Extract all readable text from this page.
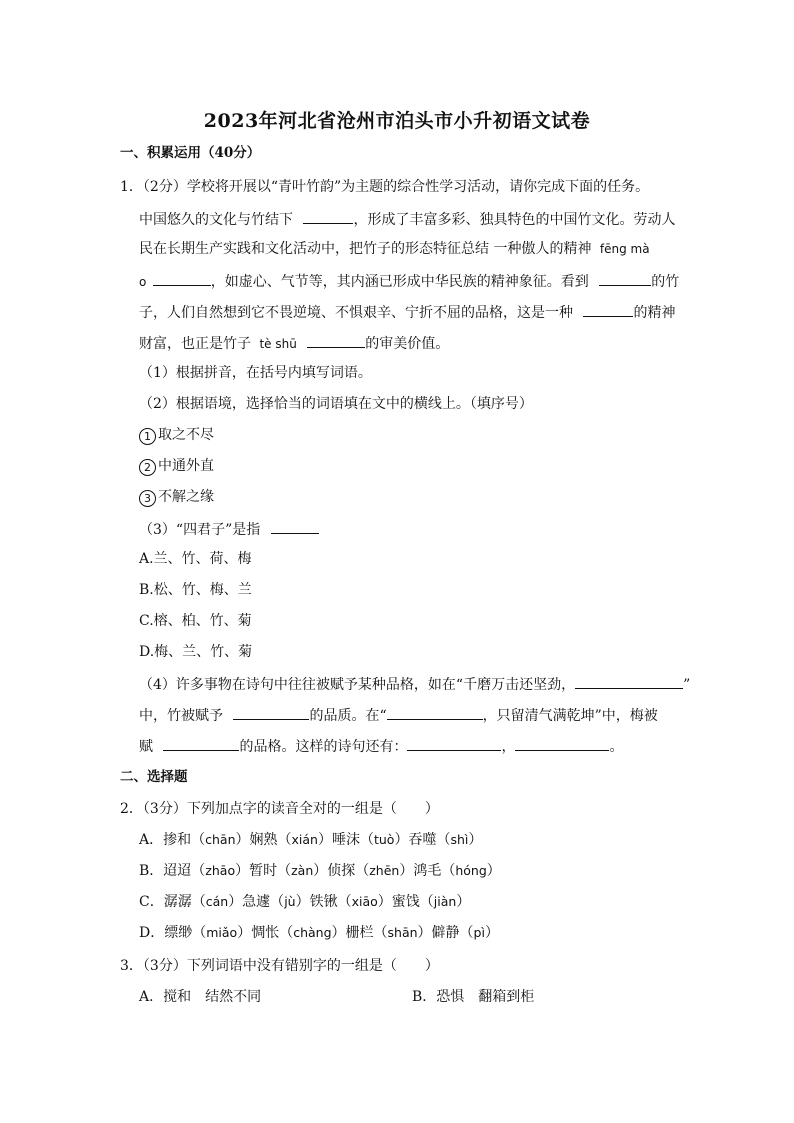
2023年河北省沧州市泊头市小升初语文试卷
一、积累运用（40分）
1．（2分）学校将开展以“青叶竹韵”为主题的综合性学习活动，请你完成下面的任务。
中国悠久的文化与竹结下	，形成了丰富多彩、独具特色的中国竹文化。劳动人
民在长期生产实践和文化活动中，把竹子的形态特征总结 一种傲人的精神 fēng mà
o	，如虚心、气节等，其内涵已形成中华民族的精神象征。看到	的竹
子，人们自然想到它不畏逆境、不惧艰辛、宁折不屈的品格，这是一种	的精神
财富，也正是竹子 tè shū	的审美价值。
（1）根据拼音，在括号内填写词语。
（2）根据语境，选择恰当的词语填在文中的横线上。（填序号）
1 取之不尽
2 中通外直
3 不解之缘
（3）“四君子”是指
A.兰、竹、荷、梅
B.松、竹、梅、兰
C.榕、柏、竹、菊
D.梅、兰、竹、菊
（4）许多事物在诗句中往往被赋予某种品格，如在“千磨万击还坚劲，	”
中，竹被赋予	的品质。在“	，只留清气满乾坤”中，梅被
赋	的品格。这样的诗句还有：	，	。
二、选择题
2．（3分）下列加点字的读音全对的一组是（　　）
A．掺和（chān）娴熟（xián）唾沫（tuò）吞噬（shì）
B．迢迢（zhāo）暂时（zàn）侦探（zhēn）鸿毛（hóng）
C．潺潺（cán）急遽（jù）铁锹（xiāo）蜜饯（jiàn）
D．缥缈（miǎo）惆怅（chàng）栅栏（shān）僻静（pì）
3．（3分）下列词语中没有错别字的一组是（　　）
A．搅和　结然不同	B．恐惧　翻箱到柜
